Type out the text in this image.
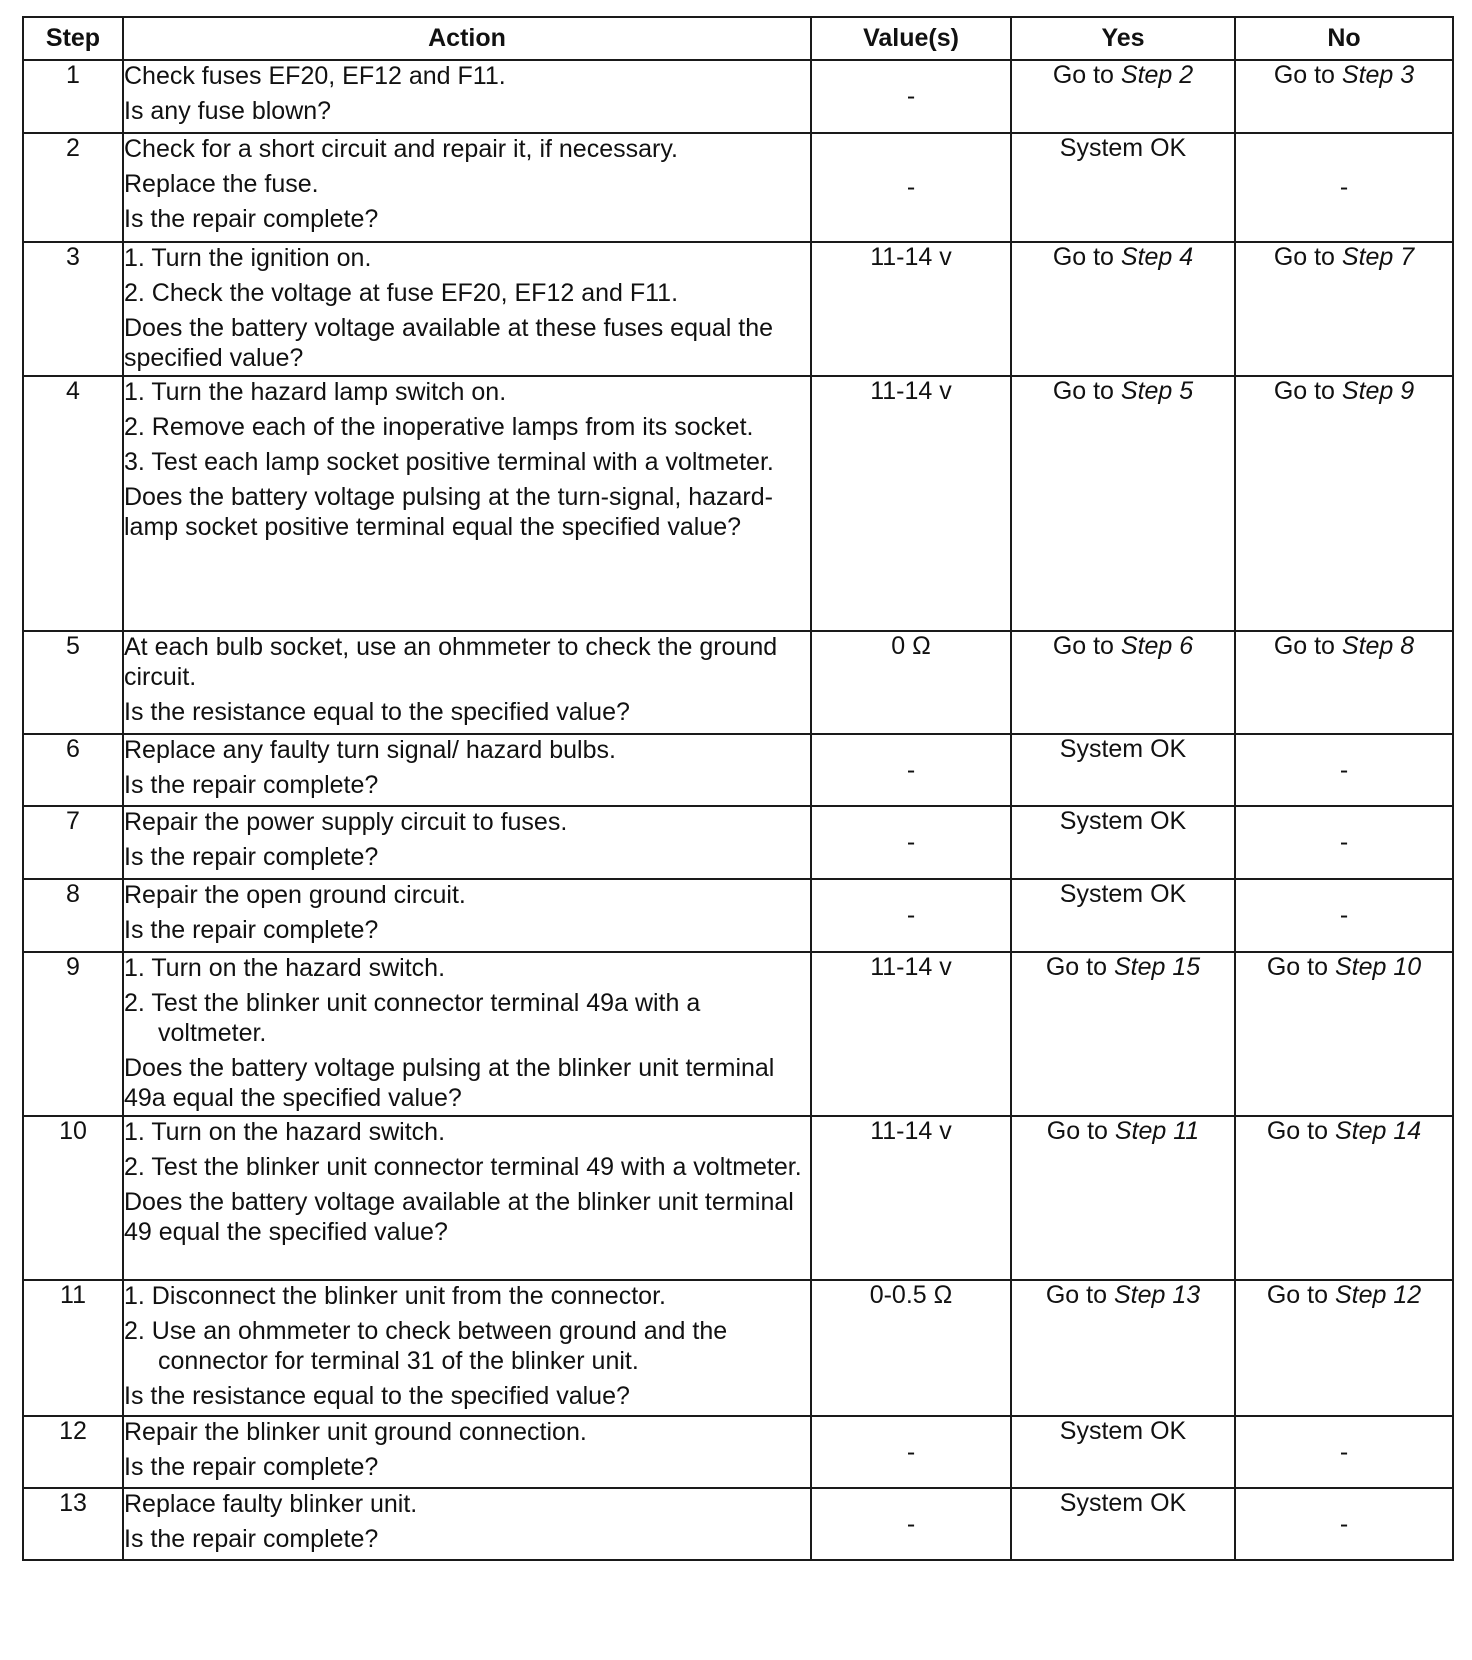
Step	Action	Value(s)	Yes	No
1	Check fuses EF20, EF12 and F11.
Is any fuse blown?	-	Go to Step 2	Go to Step 3
2	Check for a short circuit and repair it, if necessary.
Replace the fuse.
Is the repair complete?	-	System OK	-
3	1. Turn the ignition on.
2. Check the voltage at fuse EF20, EF12 and F11.
Does the battery voltage available at these fuses equal the specified value?	11-14 v	Go to Step 4	Go to Step 7
4	1. Turn the hazard lamp switch on.
2. Remove each of the inoperative lamps from its socket.
3. Test each lamp socket positive terminal with a voltmeter.
Does the battery voltage pulsing at the turn-signal, hazard-lamp socket positive terminal equal the specified value?	11-14 v	Go to Step 5	Go to Step 9
5	At each bulb socket, use an ohmmeter to check the ground circuit.
Is the resistance equal to the specified value?	0 Ω	Go to Step 6	Go to Step 8
6	Replace any faulty turn signal/ hazard bulbs.
Is the repair complete?	-	System OK	-
7	Repair the power supply circuit to fuses.
Is the repair complete?	-	System OK	-
8	Repair the open ground circuit.
Is the repair complete?	-	System OK	-
9	1. Turn on the hazard switch.
2. Test the blinker unit connector terminal 49a with a voltmeter.
Does the battery voltage pulsing at the blinker unit terminal 49a equal the specified value?	11-14 v	Go to Step 15	Go to Step 10
10	1. Turn on the hazard switch.
2. Test the blinker unit connector terminal 49 with a voltmeter.
Does the battery voltage available at the blinker unit terminal 49 equal the specified value?	11-14 v	Go to Step 11	Go to Step 14
11	1. Disconnect the blinker unit from the connector.
2. Use an ohmmeter to check between ground and the connector for terminal 31 of the blinker unit.
Is the resistance equal to the specified value?	0-0.5 Ω	Go to Step 13	Go to Step 12
12	Repair the blinker unit ground connection.
Is the repair complete?	-	System OK	-
13	Replace faulty blinker unit.
Is the repair complete?	-	System OK	-
